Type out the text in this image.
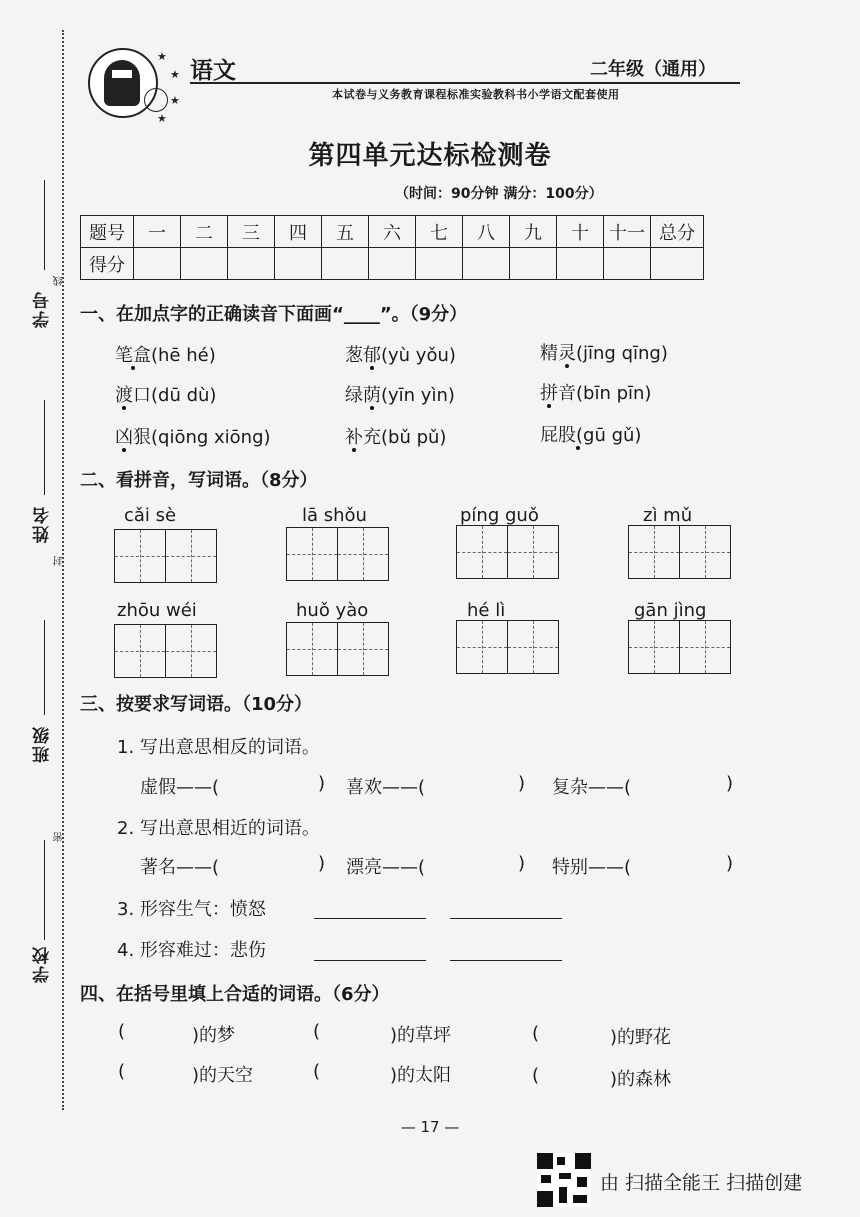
学号
线
姓名
封
班级
密
学校
★
★
★
★
语文	二年级（通用）
本试卷与义务教育课程标准实验教科书小学语文配套使用
第四单元达标检测卷
（时间：90分钟 满分：100分）
题号	一	二	三	四	五	六	七	八	九	十	十一	总分
得分												
一、在加点字的正确读音下面画“____”。（9分）
笔盒(hē hé)	葱郁(yù yǒu)	精灵(jīng qīng)
渡口(dū dù)	绿荫(yīn yìn)	拼音(bīn pīn)
凶狠(qiōng xiōng)	补充(bǔ pǔ)	屁股(gū gǔ)
二、看拼音，写词语。（8分）
cǎi sè	lā shǒu	píng guǒ	zì mǔ
zhōu wéi	huǒ yào	hé lì	gān jìng
三、按要求写词语。（10分）
1. 写出意思相反的词语。
虚假——(	) 喜欢——(	) 复杂——(	)
2. 写出意思相近的词语。
著名——(	) 漂亮——(	) 特别——(	)
3. 形容生气：愤怒
4. 形容难过：悲伤
四、在括号里填上合适的词语。（6分）
(	)的梦	(	)的草坪	(	)的野花
(	)的天空	(	)的太阳	(	)的森林
— 17 —
由 扫描全能王 扫描创建
